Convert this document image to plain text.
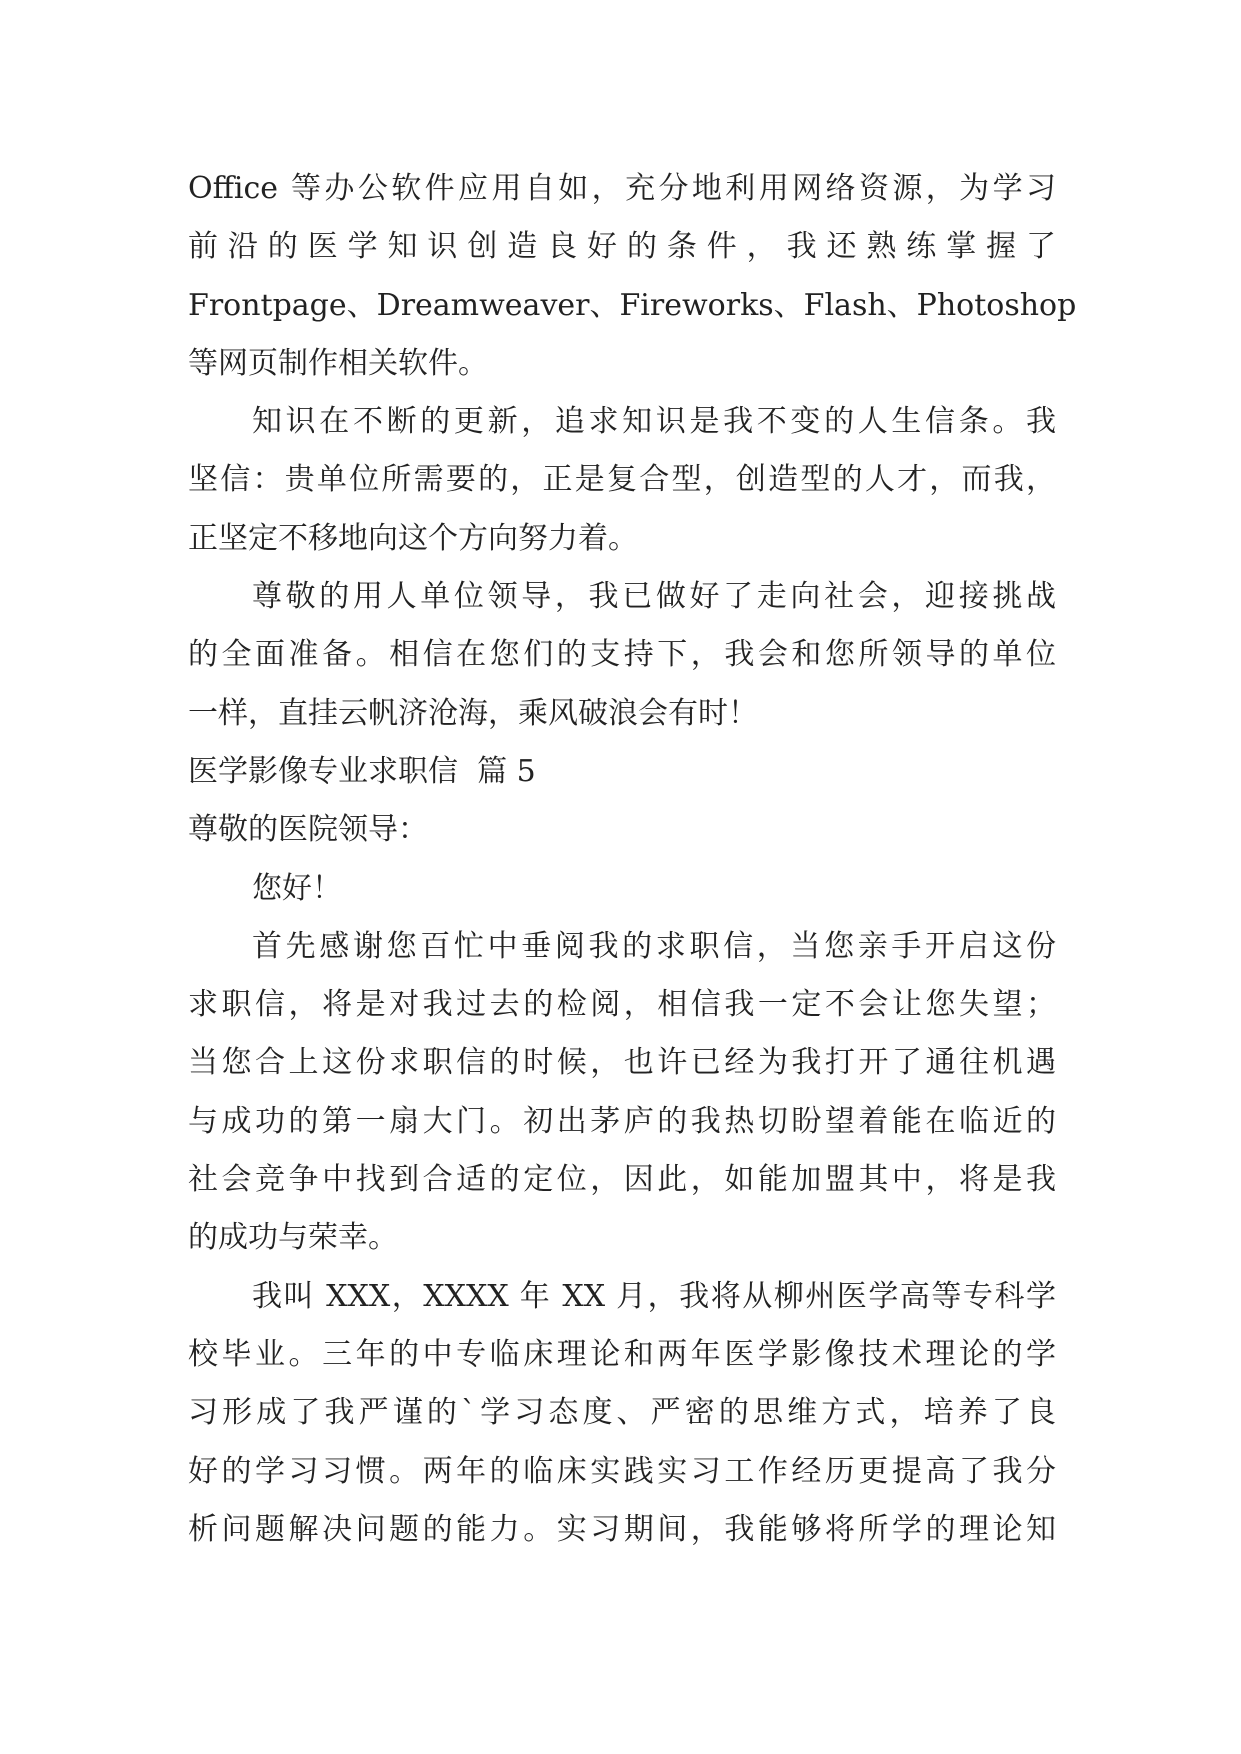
Office 等办公软件应用自如，充分地利用网络资源，为学习
前沿的医学知识创造良好的条件，我还熟练掌握了
Frontpage、Dreamweaver、Fireworks、Flash、Photoshop
等网页制作相关软件。
知识在不断的更新，追求知识是我不变的人生信条。我
坚信：贵单位所需要的，正是复合型，创造型的人才，而我，
正坚定不移地向这个方向努力着。
尊敬的用人单位领导，我已做好了走向社会，迎接挑战
的全面准备。相信在您们的支持下，我会和您所领导的单位
一样，直挂云帆济沧海，乘风破浪会有时！
医学影像专业求职信  篇 5
尊敬的医院领导：
您好！
首先感谢您百忙中垂阅我的求职信，当您亲手开启这份
求职信，将是对我过去的检阅，相信我一定不会让您失望；
当您合上这份求职信的时候，也许已经为我打开了通往机遇
与成功的第一扇大门。初出茅庐的我热切盼望着能在临近的
社会竞争中找到合适的定位，因此，如能加盟其中，将是我
的成功与荣幸。
我叫 XXX，XXXX 年 XX 月，我将从柳州医学高等专科学
校毕业。三年的中专临床理论和两年医学影像技术理论的学
习形成了我严谨的`学习态度、严密的思维方式，培养了良
好的学习习惯。两年的临床实践实习工作经历更提高了我分
析问题解决问题的能力。实习期间，我能够将所学的理论知
